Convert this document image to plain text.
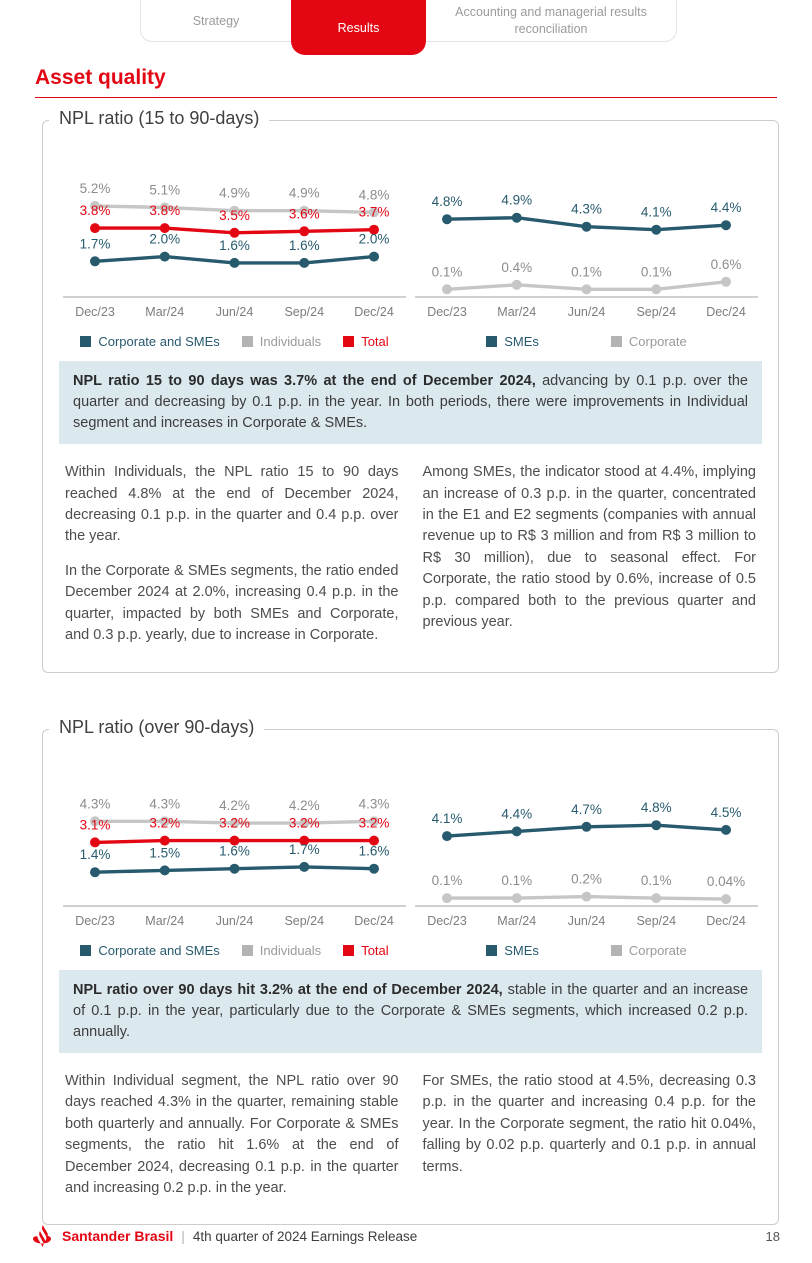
Strategy
Accounting and managerial results reconciliation
Results
Asset quality
NPL ratio (15 to 90-days)
Dec/23 Mar/24	Jun/24 Sep/24 Dec/24
5.2%	5.1%	4.9%	4.9%	4.8%
3.8%	3.8%	3.5%	3.6%	3.7%
1.7%	2.0%	1.6%	1.6%	2.0%
Corporate and SMEs	Individuals	Total
Dec/23 Mar/24	Jun/24 Sep/24 Dec/24
4.8%	4.9%
4.3%	4.1%	4.4%
0.1%	0.4%	0.1%	0.1%	0.6%
SMEs	Corporate
NPL ratio 15 to 90 days was 3.7% at the end of December 2024, advancing by 0.1 p.p. over the quarter and decreasing by 0.1 p.p. in the year. In both periods, there were improvements in Individual segment and increases in Corporate & SMEs.

Within Individuals, the NPL ratio 15 to 90 days reached 4.8% at the end of December 2024, decreasing 0.1 p.p. in the quarter and 0.4 p.p. over the year.

In the Corporate & SMEs segments, the ratio ended December 2024 at 2.0%, increasing 0.4 p.p. in the quarter, impacted by both SMEs and Corporate, and 0.3 p.p. yearly, due to increase in Corporate.

Among SMEs, the indicator stood at 4.4%, implying an increase of 0.3 p.p. in the quarter, concentrated in the E1 and E2 segments (companies with annual revenue up to R$ 3 million and from R$ 3 million to R$ 30 million), due to seasonal effect. For Corporate, the ratio stood by 0.6%, increase of 0.5 p.p. compared both to the previous quarter and previous year.

NPL ratio (over 90-days)
Dec/23 Mar/24	Jun/24 Sep/24 Dec/24
4.3%	4.3%	4.2%	4.2%	4.3%
3.1%	3.2%	3.2%	3.2%	3.2%
1.4%	1.5%	1.6%	1.7%	1.6%
Corporate and SMEs	Individuals	Total
Dec/23 Mar/24	Jun/24 Sep/24 Dec/24
4.1%	4.4%	4.7%	4.8%	4.5%
0.1%	0.1%	0.2%	0.1%	0.04%
SMEs	Corporate
NPL ratio over 90 days hit 3.2% at the end of December 2024, stable in the quarter and an increase of 0.1 p.p. in the year, particularly due to the Corporate & SMEs segments, which increased 0.2 p.p. annually.

Within Individual segment, the NPL ratio over 90 days reached 4.3% in the quarter, remaining stable both quarterly and annually. For Corporate & SMEs segments, the ratio hit 1.6% at the end of December 2024, decreasing 0.1 p.p. in the quarter and increasing 0.2 p.p. in the year.

For SMEs, the ratio stood at 4.5%, decreasing 0.3 p.p. in the quarter and increasing 0.4 p.p. for the year. In the Corporate segment, the ratio hit 0.04%, falling by 0.02 p.p. quarterly and 0.1 p.p. in annual terms.

Santander Brasil | 4th quarter of 2024 Earnings Release	18
